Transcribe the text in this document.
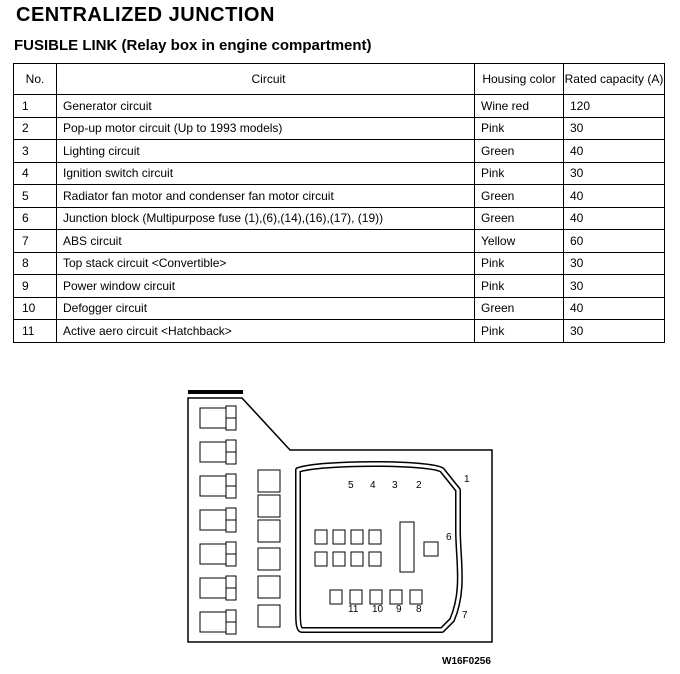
CENTRALIZED JUNCTION
FUSIBLE LINK (Relay box in engine compartment)
No.	Circuit	Housing color	Rated capacity (A)
1	Generator circuit	Wine red	120
2	Pop-up motor circuit (Up to 1993 models)	Pink	30
3	Lighting circuit	Green	40
4	Ignition switch circuit	Pink	30
5	Radiator fan motor and condenser fan motor circuit	Green	40
6	Junction block (Multipurpose fuse (1),(6),(14),(16),(17), (19))	Green	40
7	ABS circuit	Yellow	60
8	Top stack circuit <Convertible>	Pink	30
9	Power window circuit	Pink	30
10	Defogger circuit	Green	40
11	Active aero circuit <Hatchback>	Pink	30
1
2
3
4
5
6
7
8
9
10
11
W16F0256
